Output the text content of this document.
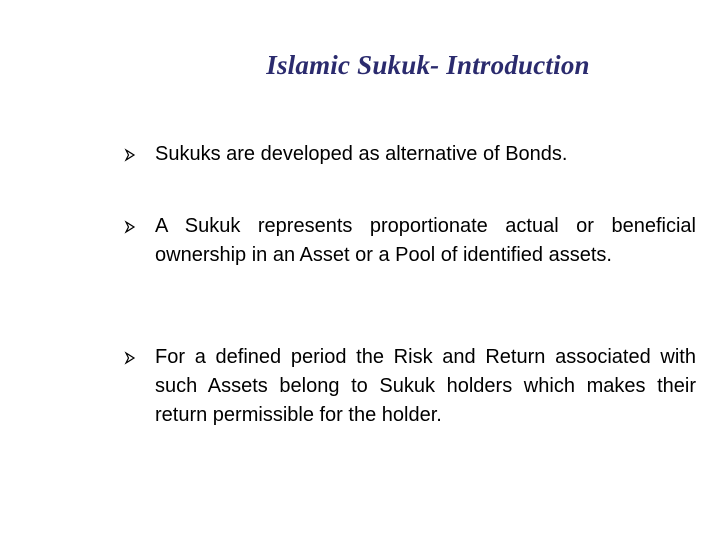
Islamic Sukuk- Introduction
Sukuks are developed as alternative of Bonds.
A Sukuk represents proportionate actual or beneficial ownership in an Asset or a Pool of identified assets.
For a defined period the Risk and Return associated with such Assets belong to Sukuk holders which makes their return permissible for the holder.
